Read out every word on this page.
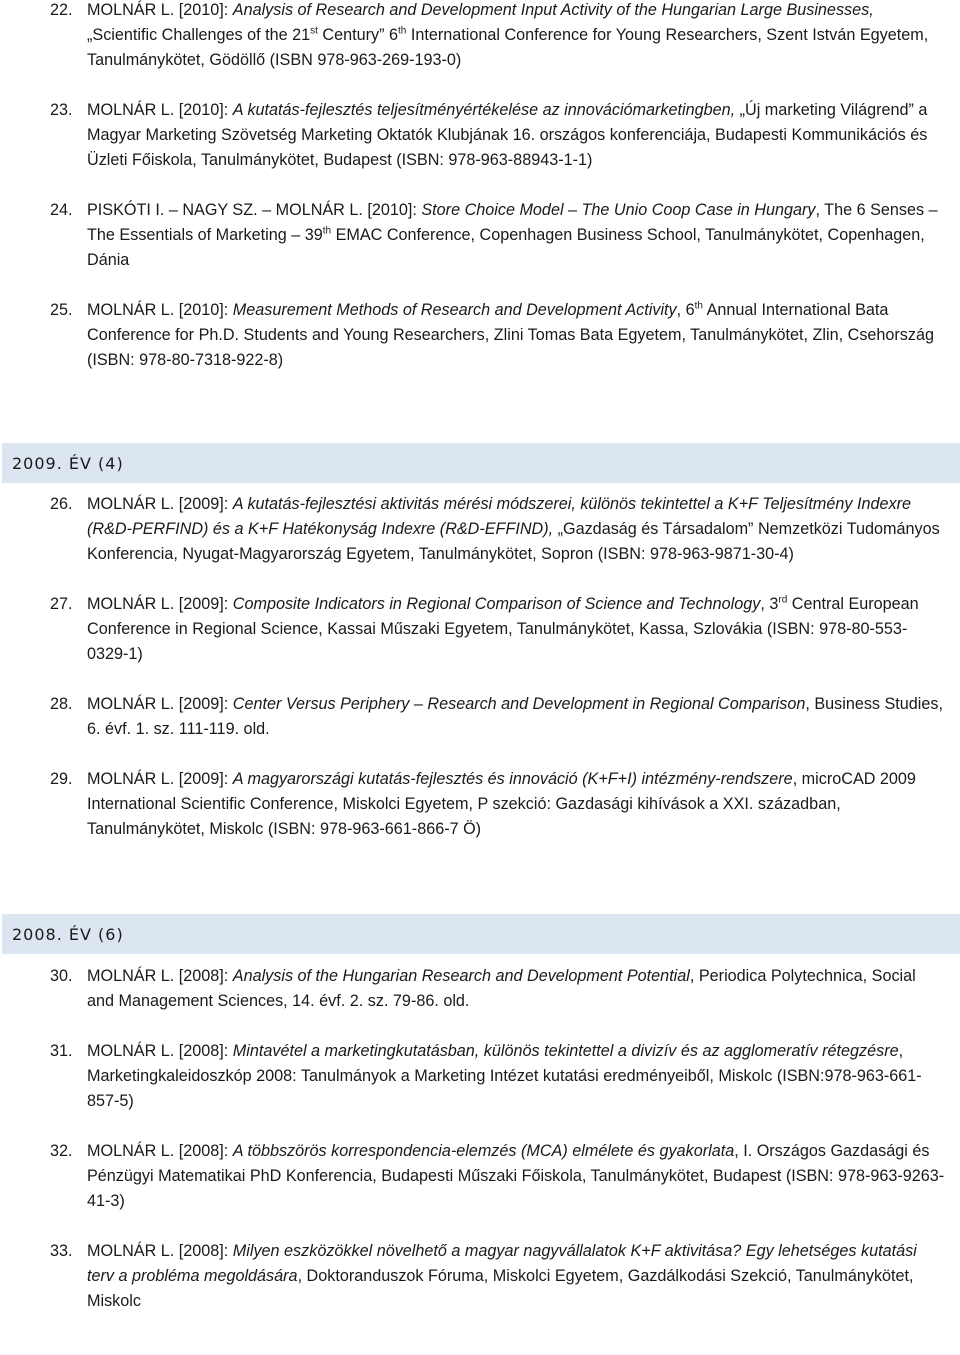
22. MOLNÁR L. [2010]: Analysis of Research and Development Input Activity of the Hungarian Large Businesses, „Scientific Challenges of the 21st Century” 6th International Conference for Young Researchers, Szent István Egyetem, Tanulmánykötet, Gödöllő (ISBN 978-963-269-193-0)
23. MOLNÁR L. [2010]: A kutatás-fejlesztés teljesítményértékelése az innovációmarketingben, „Új marketing Világrend” a Magyar Marketing Szövetség Marketing Oktatók Klubjának 16. országos konferenciája, Budapesti Kommunikációs és Üzleti Főiskola, Tanulmánykötet, Budapest (ISBN: 978-963-88943-1-1)
24. PISKÓTI I. – NAGY SZ. – MOLNÁR L. [2010]: Store Choice Model – The Unio Coop Case in Hungary, The 6 Senses – The Essentials of Marketing – 39th EMAC Conference, Copenhagen Business School, Tanulmánykötet, Copenhagen, Dánia
25. MOLNÁR L. [2010]: Measurement Methods of Research and Development Activity, 6th Annual International Bata Conference for Ph.D. Students and Young Researchers, Zlini Tomas Bata Egyetem, Tanulmánykötet, Zlin, Csehország (ISBN: 978-80-7318-922-8)
2009. ÉV (4)
26. MOLNÁR L. [2009]: A kutatás-fejlesztési aktivitás mérési módszerei, különös tekintettel a K+F Teljesítmény Indexre (R&D-PERFIND) és a K+F Hatékonyság Indexre (R&D-EFFIND), „Gazdaság és Társadalom” Nemzetközi Tudományos Konferencia, Nyugat-Magyarország Egyetem, Tanulmánykötet, Sopron (ISBN: 978-963-9871-30-4)
27. MOLNÁR L. [2009]: Composite Indicators in Regional Comparison of Science and Technology, 3rd Central European Conference in Regional Science, Kassai Műszaki Egyetem, Tanulmánykötet, Kassa, Szlovákia (ISBN: 978-80-553-0329-1)
28. MOLNÁR L. [2009]: Center Versus Periphery – Research and Development in Regional Comparison, Business Studies, 6. évf. 1. sz. 111-119. old.
29. MOLNÁR L. [2009]: A magyarországi kutatás-fejlesztés és innováció (K+F+I) intézmény-rendszere, microCAD 2009 International Scientific Conference, Miskolci Egyetem, P szekció: Gazdasági kihívások a XXI. században, Tanulmánykötet, Miskolc (ISBN: 978-963-661-866-7 Ö)
2008. ÉV (6)
30. MOLNÁR L. [2008]: Analysis of the Hungarian Research and Development Potential, Periodica Polytechnica, Social and Management Sciences, 14. évf. 2. sz. 79-86. old.
31. MOLNÁR L. [2008]: Mintavétel a marketingkutatásban, különös tekintettel a divizív és az agglomeratív rétegzésre, Marketingkaleidoszkóp 2008: Tanulmányok a Marketing Intézet kutatási eredményeiből, Miskolc (ISBN:978-963-661-857-5)
32. MOLNÁR L. [2008]: A többszörös korrespondencia-elemzés (MCA) elmélete és gyakorlata, I. Országos Gazdasági és Pénzügyi Matematikai PhD Konferencia, Budapesti Műszaki Főiskola, Tanulmánykötet, Budapest (ISBN: 978-963-9263-41-3)
33. MOLNÁR L. [2008]: Milyen eszközökkel növelhető a magyar nagyvállalatok K+F aktivitása? Egy lehetséges kutatási terv a probléma megoldására, Doktoranduszok Fóruma, Miskolci Egyetem, Gazdálkodási Szekció, Tanulmánykötet, Miskolc
